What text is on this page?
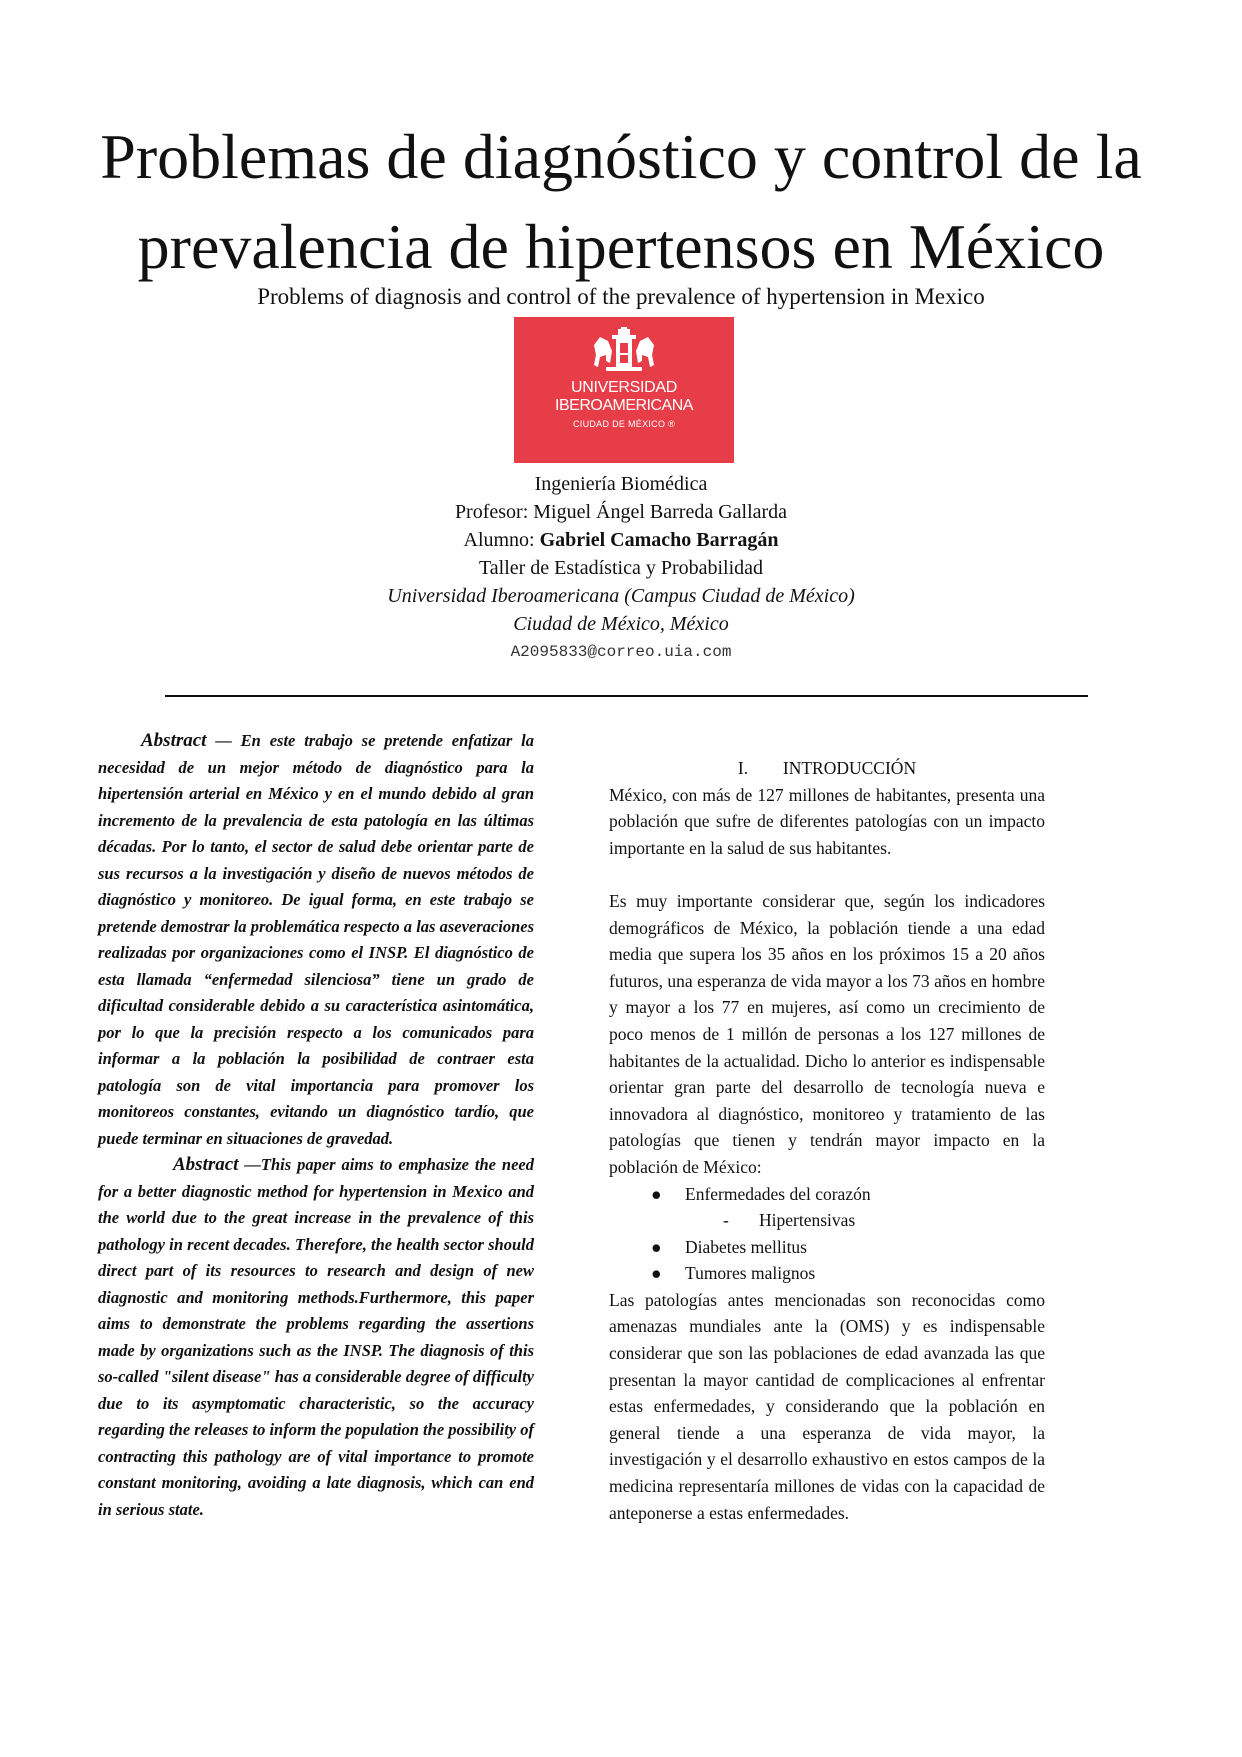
Problemas de diagnóstico y control de la prevalencia de hipertensos en México
Problems of diagnosis and control of the prevalence of hypertension in Mexico
UNIVERSIDAD
IBEROAMERICANA
CIUDAD DE MÉXICO ®
Ingeniería Biomédica
Profesor: Miguel Ángel Barreda Gallarda
Alumno: Gabriel Camacho Barragán
Taller de Estadística y Probabilidad
Universidad Iberoamericana (Campus Ciudad de México)
Ciudad de México, México
A2095833@correo.uia.com

Abstract — En este trabajo se pretende enfatizar la necesidad de un mejor método de diagnóstico para la hipertensión arterial en México y en el mundo debido al gran incremento de la prevalencia de esta patología en las últimas décadas. Por lo tanto, el sector de salud debe orientar parte de sus recursos a la investigación y diseño de nuevos métodos de diagnóstico y monitoreo. De igual forma, en este trabajo se pretende demostrar la problemática respecto a las aseveraciones realizadas por organizaciones como el INSP. El diagnóstico de esta llamada “enfermedad silenciosa” tiene un grado de dificultad considerable debido a su característica asintomática, por lo que la precisión respecto a los comunicados para informar a la población la posibilidad de contraer esta patología son de vital importancia para promover los monitoreos constantes, evitando un diagnóstico tardío, que puede terminar en situaciones de gravedad.

Abstract —This paper aims to emphasize the need for a better diagnostic method for hypertension in Mexico and the world due to the great increase in the prevalence of this pathology in recent decades. Therefore, the health sector should direct part of its resources to research and design of new diagnostic and monitoring methods.Furthermore, this paper aims to demonstrate the problems regarding the assertions made by organizations such as the INSP. The diagnosis of this so-called "silent disease" has a considerable degree of difficulty due to its asymptomatic characteristic, so the accuracy regarding the releases to inform the population the possibility of contracting this pathology are of vital importance to promote constant monitoring, avoiding a late diagnosis, which can end in serious state.

I. INTRODUCCIÓN

México, con más de 127 millones de habitantes, presenta una población que sufre de diferentes patologías con un impacto importante en la salud de sus habitantes.

Es muy importante considerar que, según los indicadores demográficos de México, la población tiende a una edad media que supera los 35 años en los próximos 15 a 20 años futuros, una esperanza de vida mayor a los 73 años en hombre y mayor a los 77 en mujeres, así como un crecimiento de poco menos de 1 millón de personas a los 127 millones de habitantes de la actualidad. Dicho lo anterior es indispensable orientar gran parte del desarrollo de tecnología nueva e innovadora al diagnóstico, monitoreo y tratamiento de las patologías que tienen y tendrán mayor impacto en la población de México:

● Enfermedades del corazón
- Hipertensivas
● Diabetes mellitus
● Tumores malignos

Las patologías antes mencionadas son reconocidas como amenazas mundiales ante la (OMS) y es indispensable considerar que son las poblaciones de edad avanzada las que presentan la mayor cantidad de complicaciones al enfrentar estas enfermedades, y considerando que la población en general tiende a una esperanza de vida mayor, la investigación y el desarrollo exhaustivo en estos campos de la medicina representaría millones de vidas con la capacidad de anteponerse a estas enfermedades.
